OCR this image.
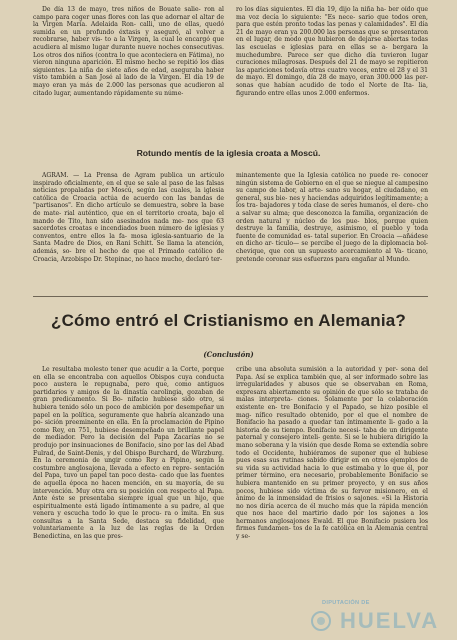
De día 13 de mayo, tres niños de Bouate salie- ron al campo para coger unas flores con las que adornar el altar de la Virgen María. Adelaida Ron- calli, uno de ellas, quedó sumida en un profundo éxtasis y aseguró, al volver a recobrarse, haber vis- to a la Virgen, la cual le encargó que acudiera al mismo lugar durante nueve noches consecutivas. Los otros dos niños (contra lo que aconteciera en Fátima), no vieron ninguna aparición. El mismo hecho se repitió los días siguientes. La niña de siete años de edad, aseguraba haber visto también a San José al lado de la Virgen. El día 19 de mayo eran ya más de 2.000 las personas que acudieron al citado lugar, aumentando rápidamente su núme-

ro los días siguientes. El día 19, dijo la niña ha- ber oído que ma voz decía lo siguiente: "Es nece- sario que todos oren, para que estén pronto todas las penas y calamidades". El día 21 de mayo eran ya 200.000 las personas que se presentaron en el lugar, de modo que hubieron de dejarse abiertas todas las escuelas e iglesias para en ellas se a- bergara la muchedumbre. Parece ser que dicho día tuvieron lugar curaciones milagrosas. Después del 21 de mayo se repitieron las apariciones todavía otras cuatro veces, entre el 28 y el 31 de mayo. El domingo, día 28 de mayo, eran 300.000 las per- sonas que habían acudido de todo el Norte de Ita- lia, figurando entre ellas unos 2.000 enfermos.

Rotundo mentís de la iglesia croata a Moscú.

AGRAM. — La Prensa de Agram publica un artículo inspirado oficialmente, en el que se sale al paso de las falsas noticias propaladas por Moscú, según las cuales, la iglesia católica de Croacia actúa de acuerdo con las bandas de "partisanos". En dicho artículo se demuestra, sobre la base de mate- rial auténtico, que en el territorio croata, bajo el mando de Tito, han sido asesinados nada me- nos que 63 sacerdotes croatas e incendiados buen número de iglesias y conventos, entre ellos la fa- mosa iglesia-santuario de la Santa Madre de Dios, en Rani Schitt. Se llama la atención, además, so- bre el hecho de que el Primado católico de Croacia, Arzobispo Dr. Stepinac, no hace mucho, declaró ter-

minantemente que la Iglesia católica no puede re- conocer ningún sistema de Gobierno en el que se niegue al campesino su campo de labor, al arte- sano su hogar, al ciudadano, en general, sus bie- nes y haciendas adquiridos legítimamente; a los tra- bajadores y toda clase de seres humanos, el dere- cho a salvar su alma; que desconozca la familia, organización de orden natural y núcleo de los pue- blos, porque quien destruye la familia, destruye, asimismo, el pueblo y toda fuente de comunidad es- tatal superior. En Croacia —añádese en dicho ar- tículo— se percibe el juego de la diplomacia bol- chevique, que con un supuesto acercamiento al Va- ticano, pretende coronar sus esfuerzos para engañar al Mundo.

¿Cómo entró el Cristianismo en Alemania?

(Conclusión)

Le resultaba molesto tener que acudir a la Corte, porque en ella se encontraba con aquellos Obispos cuya conducta poco austera le repugnaba, pero que, como antiguos partidarios y amigos de la dinastía carolingia, gozaban de gran predicamento. Si Bo- nifacio hubiese sido otro, si hubiera tenido sólo un poco de ambición por desempeñar un papel en la política, seguramente que habría alcanzado una po- sición preeminente en ella. En la proclamación de Pipino como Rey, en 751, hubiese desempeñado un brillante papel de mediador. Pero la decisión del Papa Zacarías no se produjo por insinuaciones de Bonifacio, sino por las del Abad Fulrad, de Saint-Denis, y del Obispo Burchard, de Würzburg. En la ceremonia de ungir como Rey a Pipino, según la costumbre anglosajona, llevada a efecto en repre- sentación del Papa, tuvo un papel tan poco desta- cado que las fuentes de aquella época no hacen mención, en su mayoría, de su intervención. Muy otra era su posición con respecto al Papa. Ante éste se presentaba siempre igual que un hijo, que espiritualmente está ligado íntimamente a su padre, al que venera y escucha todo lo que le procu- ra o imita. En sus consultas a la Santa Sede, destaca su fidelidad, que voluntariamente a la luz de las reglas de la Orden Benedictina, en las que pres-

cribe una absoluta sumisión a la autoridad y per- sona del Papa. Así se explica también que, al ser informado sobre las irregularidades y abusos que se observaban en Roma, expresara abiertamente su opinión de que sólo se trataba de malas interpreta- ciones. Solamente por la colaboración existente en- tre Bonifacio y el Papado, se hizo posible el mag- nífico resultado obtenido, por el que el nombre de Bonifacio ha pasado a quedar tan íntimamente li- gado a la historia de su tiempo. Bonifacio necesi- taba de un dirigente paternal y consejero inteli- gente. Si se le hubiera dirigido la mano soberana y la visión que desde Roma se extendía sobre todo el Occidente, hubiéramos de suponer que el hubiese pues esas sus rutinas sabido dirigir en en otros ejemplos de su vida su actividad hacia lo que estimaba y lo que él, por primer término, era necesario, probablemente Bonifacio se hubiera mantenido en su primer proyecto, y en sus años pocos, hubiese sido víctima de su fervor misionero, en el ánimo de la inmensidad de frisios o sajones. «Si la Historia no nos diría acerca de él mucho más que la rápida mención que nos hace del martirio dado por los sajones a los hermanos anglosajones Ewald. El que Bonifacio pusiera los firmes fundamen- tos de la fe católica en la Alemania central y se-

DIPUTACIÓN DE
HUELVA
